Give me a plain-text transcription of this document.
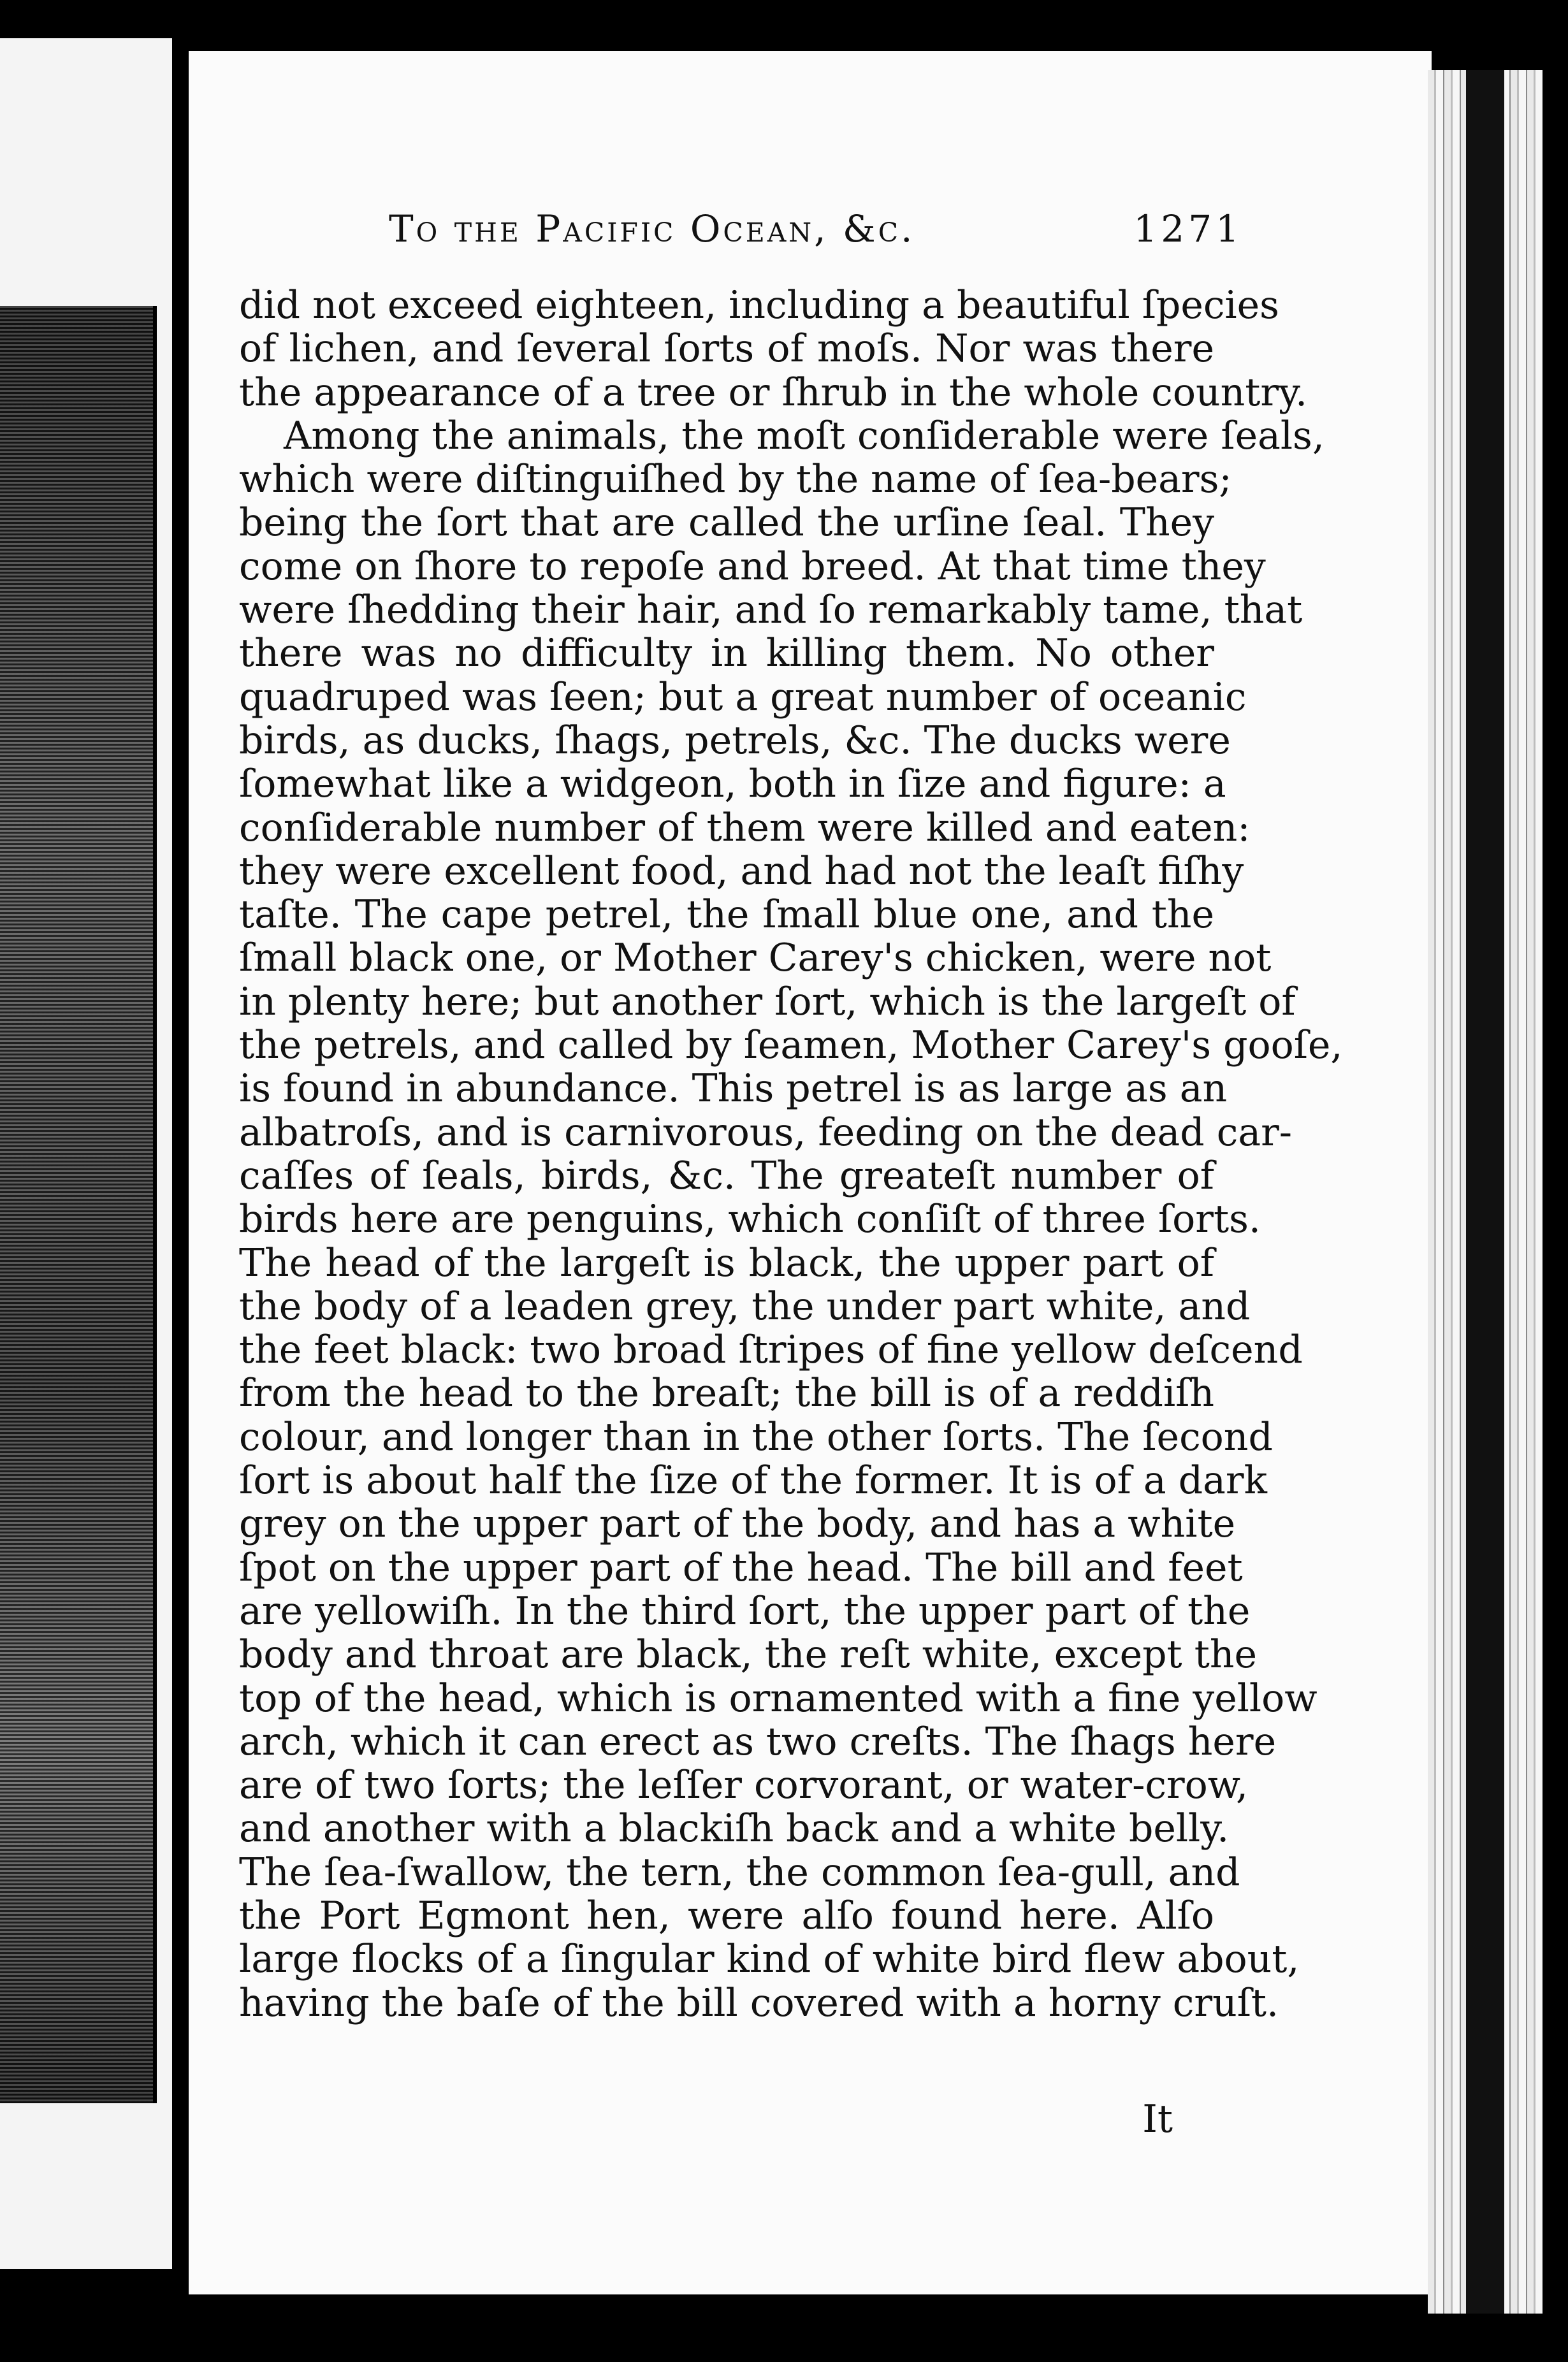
To the Pacific Ocean, &c.	1271
did not exceed eighteen, including a beautiful ſpecies
of lichen, and ſeveral ſorts of moſs. Nor was there
the appearance of a tree or ſhrub in the whole country.
Among the animals, the moſt conſiderable were ſeals,
which were diſtinguiſhed by the name of ſea-bears;
being the ſort that are called the urſine ſeal. They
come on ſhore to repoſe and breed. At that time they
were ſhedding their hair, and ſo remarkably tame, that
there was no difficulty in killing them. No other
quadruped was ſeen; but a great number of oceanic
birds, as ducks, ſhags, petrels, &c. The ducks were
ſomewhat like a widgeon, both in ſize and figure: a
conſiderable number of them were killed and eaten:
they were excellent food, and had not the leaſt fiſhy
taſte. The cape petrel, the ſmall blue one, and the
ſmall black one, or Mother Carey's chicken, were not
in plenty here; but another ſort, which is the largeſt of
the petrels, and called by ſeamen, Mother Carey's gooſe,
is found in abundance. This petrel is as large as an
albatroſs, and is carnivorous, feeding on the dead car-
caſſes of ſeals, birds, &c. The greateſt number of
birds here are penguins, which conſiſt of three ſorts.
The head of the largeſt is black, the upper part of
the body of a leaden grey, the under part white, and
the feet black: two broad ſtripes of fine yellow deſcend
from the head to the breaſt; the bill is of a reddiſh
colour, and longer than in the other ſorts. The ſecond
ſort is about half the ſize of the former. It is of a dark
grey on the upper part of the body, and has a white
ſpot on the upper part of the head. The bill and feet
are yellowiſh. In the third ſort, the upper part of the
body and throat are black, the reſt white, except the
top of the head, which is ornamented with a fine yellow
arch, which it can erect as two creſts. The ſhags here
are of two ſorts; the leſſer corvorant, or water-crow,
and another with a blackiſh back and a white belly.
The ſea-ſwallow, the tern, the common ſea-gull, and
the Port Egmont hen, were alſo found here. Alſo
large flocks of a ſingular kind of white bird flew about,
having the baſe of the bill covered with a horny cruſt.
It
